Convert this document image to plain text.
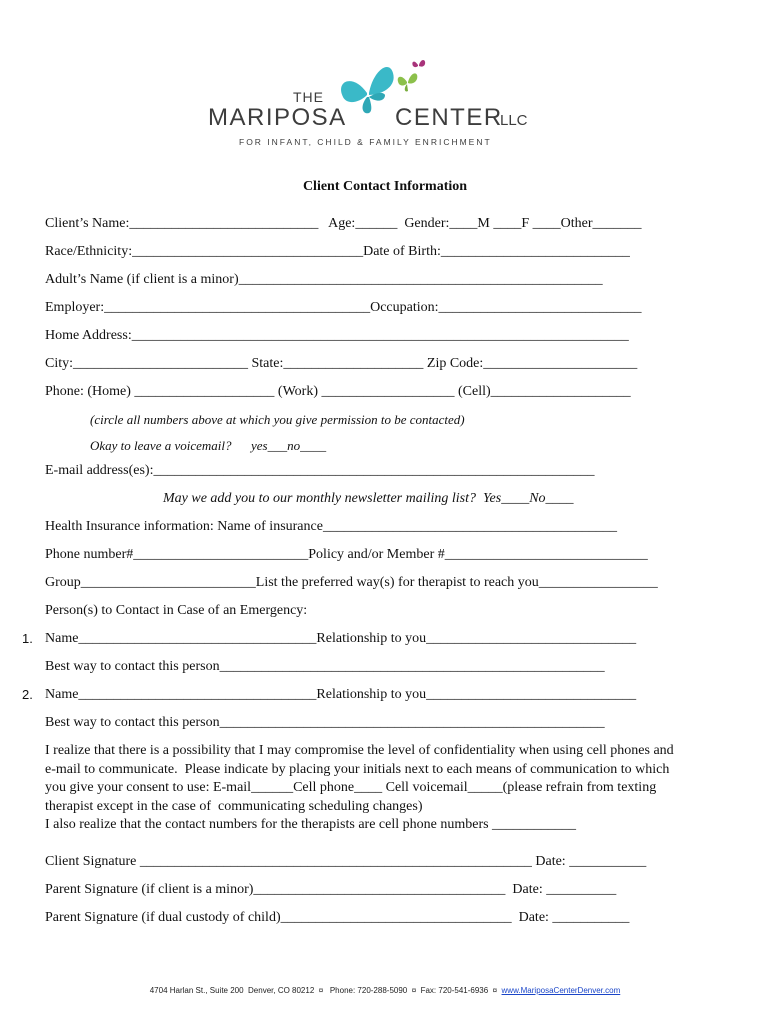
THE
MARIPOSA CENTER
LLC
FOR INFANT, CHILD & FAMILY ENRICHMENT
Client Contact Information
Client’s Name:___________________________   Age:______  Gender:____M ____F ____Other_______
Race/Ethnicity:_________________________________Date of Birth:___________________________
Adult’s Name (if client is a minor)____________________________________________________
Employer:______________________________________Occupation:_____________________________
Home Address:_______________________________________________________________________
City:_________________________ State:____________________ Zip Code:______________________
Phone: (Home) ____________________ (Work) ___________________ (Cell)____________________
(circle all numbers above at which you give permission to be contacted)
Okay to leave a voicemail?      yes___no____
E-mail address(es):_______________________________________________________________
May we add you to our monthly newsletter mailing list?  Yes____No____
Health Insurance information: Name of insurance__________________________________________
Phone number#_________________________Policy and/or Member #_____________________________
Group_________________________List the preferred way(s) for therapist to reach you_________________
Person(s) to Contact in Case of an Emergency:
1. Name__________________________________Relationship to you______________________________
Best way to contact this person_______________________________________________________
2. Name__________________________________Relationship to you______________________________
Best way to contact this person_______________________________________________________
I realize that there is a possibility that I may compromise the level of confidentiality when using cell phones and
e-mail to communicate.  Please indicate by placing your initials next to each means of communication to which
you give your consent to use: E-mail______Cell phone____ Cell voicemail_____(please refrain from texting
therapist except in the case of  communicating scheduling changes)
I also realize that the contact numbers for the therapists are cell phone numbers ____________
Client Signature ________________________________________________________ Date: ___________
Parent Signature (if client is a minor)____________________________________  Date: __________
Parent Signature (if dual custody of child)_________________________________  Date: ___________
4704 Harlan St., Suite 200  Denver, CO 80212  ¤   Phone: 720-288-5090  ¤  Fax: 720-541-6936  ¤  www.MariposaCenterDenver.com
